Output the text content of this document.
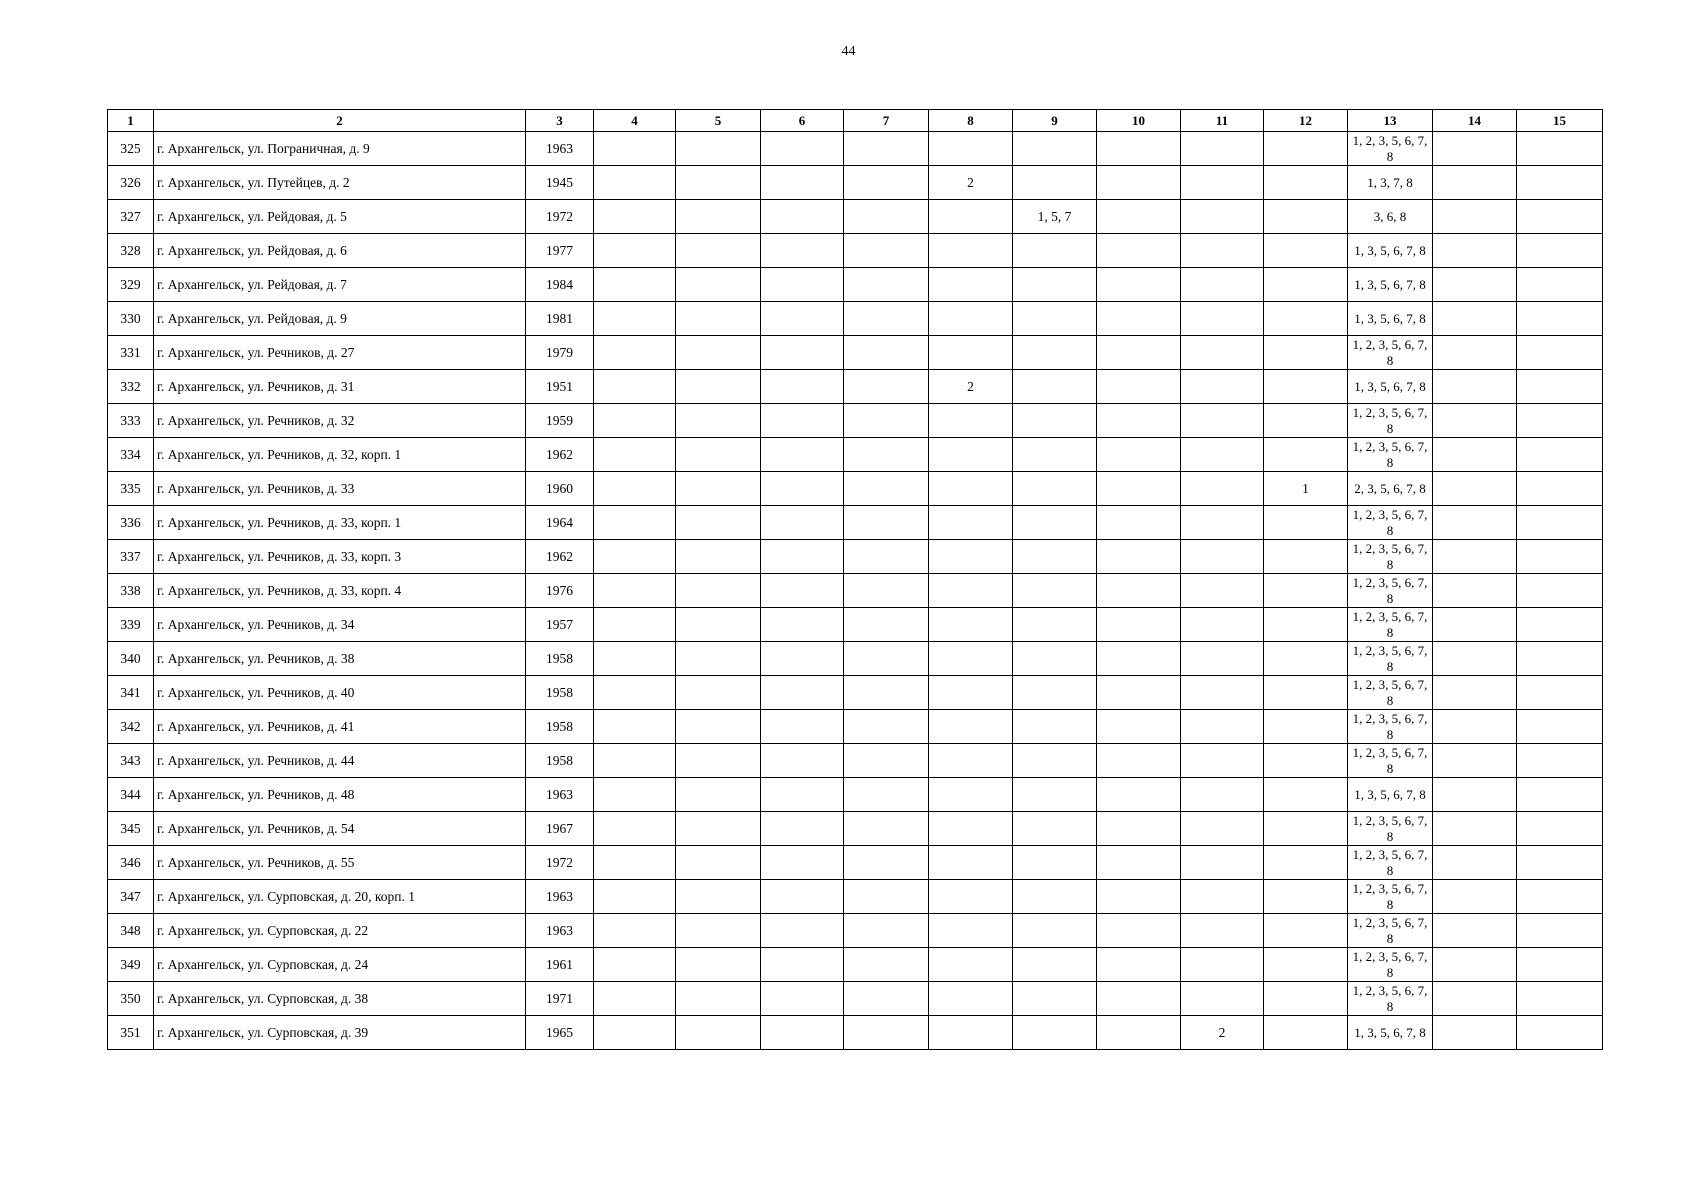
44
1	2	3	4	5	6	7	8	9	10	11	12	13	14	15
325	г. Архангельск, ул. Пограничная, д. 9	1963										1, 2, 3, 5, 6, 7, 8		
326	г. Архангельск, ул. Путейцев, д. 2	1945					2					1, 3, 7, 8		
327	г. Архангельск, ул. Рейдовая, д. 5	1972						1, 5, 7				3, 6, 8		
328	г. Архангельск, ул. Рейдовая, д. 6	1977										1, 3, 5, 6, 7, 8		
329	г. Архангельск, ул. Рейдовая, д. 7	1984										1, 3, 5, 6, 7, 8		
330	г. Архангельск, ул. Рейдовая, д. 9	1981										1, 3, 5, 6, 7, 8		
331	г. Архангельск, ул. Речников, д. 27	1979										1, 2, 3, 5, 6, 7, 8		
332	г. Архангельск, ул. Речников, д. 31	1951					2					1, 3, 5, 6, 7, 8		
333	г. Архангельск, ул. Речников, д. 32	1959										1, 2, 3, 5, 6, 7, 8		
334	г. Архангельск, ул. Речников, д. 32, корп. 1	1962										1, 2, 3, 5, 6, 7, 8		
335	г. Архангельск, ул. Речников, д. 33	1960									1	2, 3, 5, 6, 7, 8		
336	г. Архангельск, ул. Речников, д. 33, корп. 1	1964										1, 2, 3, 5, 6, 7, 8		
337	г. Архангельск, ул. Речников, д. 33, корп. 3	1962										1, 2, 3, 5, 6, 7, 8		
338	г. Архангельск, ул. Речников, д. 33, корп. 4	1976										1, 2, 3, 5, 6, 7, 8		
339	г. Архангельск, ул. Речников, д. 34	1957										1, 2, 3, 5, 6, 7, 8		
340	г. Архангельск, ул. Речников, д. 38	1958										1, 2, 3, 5, 6, 7, 8		
341	г. Архангельск, ул. Речников, д. 40	1958										1, 2, 3, 5, 6, 7, 8		
342	г. Архангельск, ул. Речников, д. 41	1958										1, 2, 3, 5, 6, 7, 8		
343	г. Архангельск, ул. Речников, д. 44	1958										1, 2, 3, 5, 6, 7, 8		
344	г. Архангельск, ул. Речников, д. 48	1963										1, 3, 5, 6, 7, 8		
345	г. Архангельск, ул. Речников, д. 54	1967										1, 2, 3, 5, 6, 7, 8		
346	г. Архангельск, ул. Речников, д. 55	1972										1, 2, 3, 5, 6, 7, 8		
347	г. Архангельск, ул. Сурповская, д. 20, корп. 1	1963										1, 2, 3, 5, 6, 7, 8		
348	г. Архангельск, ул. Сурповская, д. 22	1963										1, 2, 3, 5, 6, 7, 8		
349	г. Архангельск, ул. Сурповская, д. 24	1961										1, 2, 3, 5, 6, 7, 8		
350	г. Архангельск, ул. Сурповская, д. 38	1971										1, 2, 3, 5, 6, 7, 8		
351	г. Архангельск, ул. Сурповская, д. 39	1965								2		1, 3, 5, 6, 7, 8		
